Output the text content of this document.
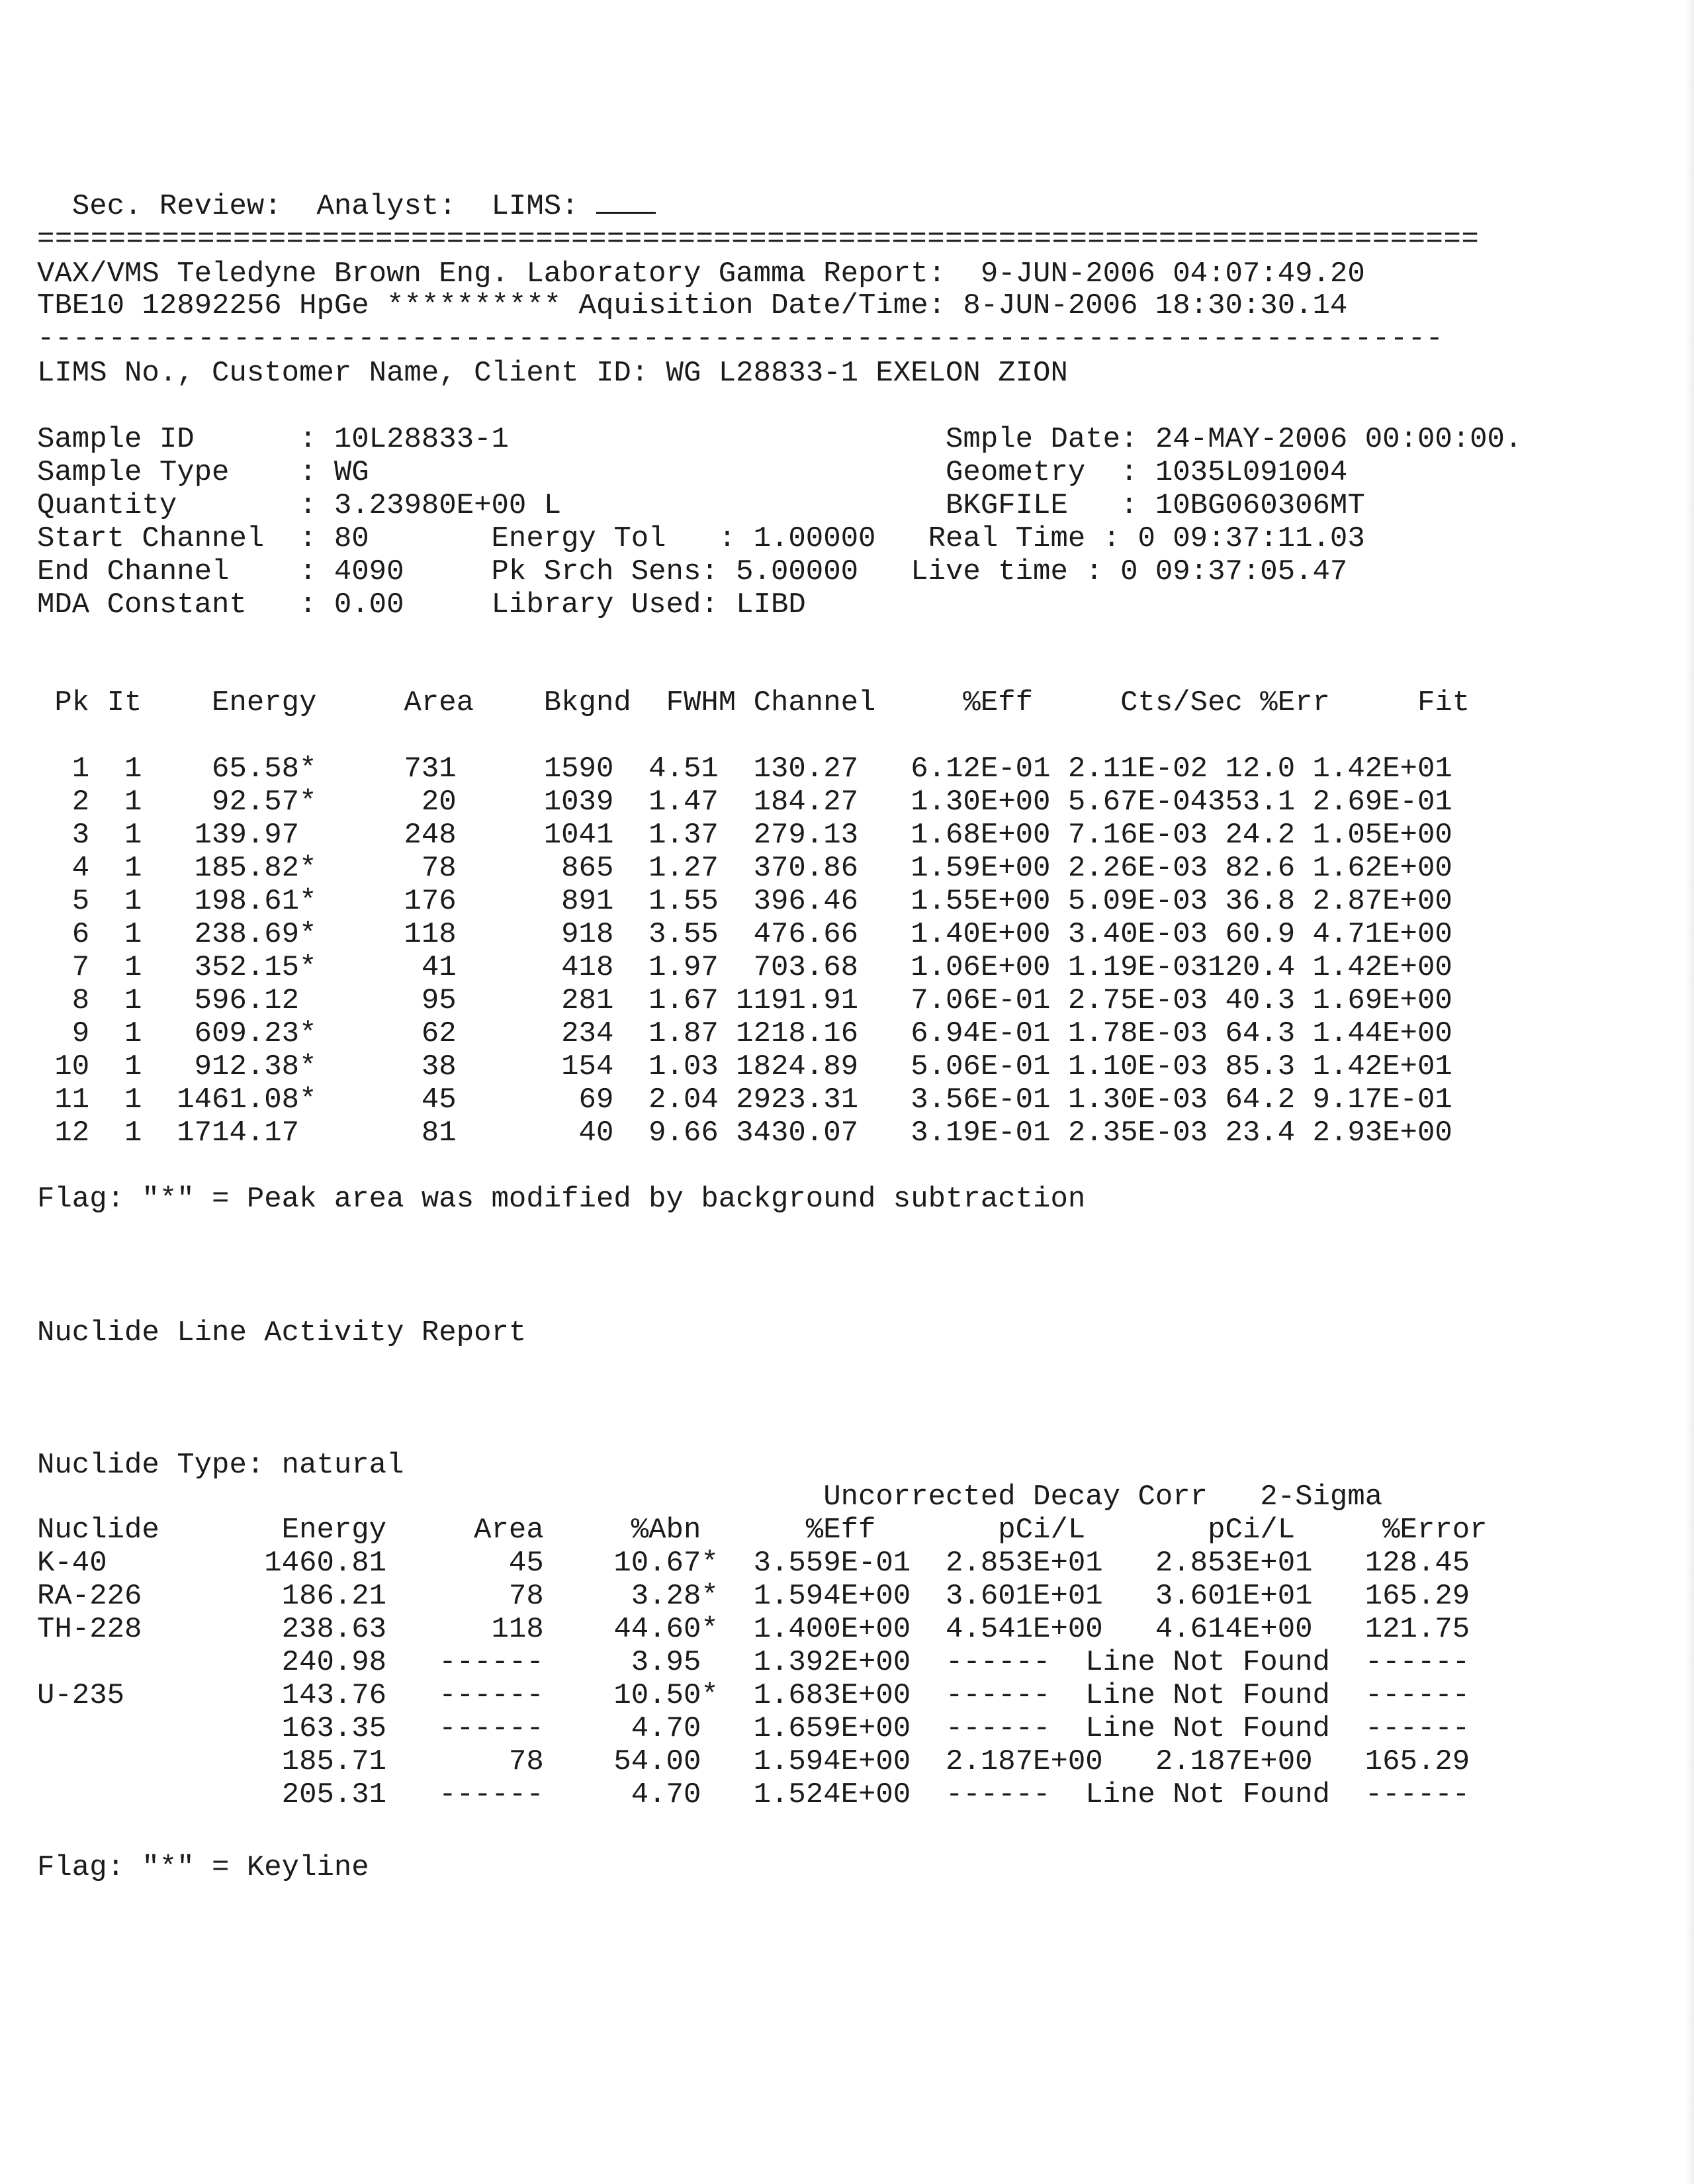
Sec. Review:  Analyst:  LIMS:

=================================================================================
VAX/VMS Teledyne Brown Eng. Laboratory Gamma Report:  9-JUN-2006 04:07:49.20
TBE10 12892256 HpGe ********** Aquisition Date/Time: 8-JUN-2006 18:30:30.14
-------------------------------------------------------------------------------
LIMS No., Customer Name, Client ID: WG L28833-1 EXELON ZION
Sample ID      : 10L28833-1                         Smple Date: 24-MAY-2006 00:00:00.
Sample Type    : WG                                 Geometry  : 1035L091004
Quantity       : 3.23980E+00 L                      BKGFILE   : 10BG060306MT
Start Channel  : 80       Energy Tol   : 1.00000   Real Time : 0 09:37:11.03
End Channel    : 4090     Pk Srch Sens: 5.00000   Live time : 0 09:37:05.47
MDA Constant   : 0.00     Library Used: LIBD
Pk It    Energy     Area    Bkgnd  FWHM Channel     %Eff     Cts/Sec %Err     Fit
1  1    65.58*     731     1590  4.51  130.27   6.12E-01 2.11E-02 12.0 1.42E+01
2  1    92.57*      20     1039  1.47  184.27   1.30E+00 5.67E-04353.1 2.69E-01
3  1   139.97      248     1041  1.37  279.13   1.68E+00 7.16E-03 24.2 1.05E+00
4  1   185.82*      78      865  1.27  370.86   1.59E+00 2.26E-03 82.6 1.62E+00
5  1   198.61*     176      891  1.55  396.46   1.55E+00 5.09E-03 36.8 2.87E+00
6  1   238.69*     118      918  3.55  476.66   1.40E+00 3.40E-03 60.9 4.71E+00
7  1   352.15*      41      418  1.97  703.68   1.06E+00 1.19E-03120.4 1.42E+00
8  1   596.12       95      281  1.67 1191.91   7.06E-01 2.75E-03 40.3 1.69E+00
9  1   609.23*      62      234  1.87 1218.16   6.94E-01 1.78E-03 64.3 1.44E+00
10  1   912.38*      38      154  1.03 1824.89   5.06E-01 1.10E-03 85.3 1.42E+01
11  1  1461.08*      45       69  2.04 2923.31   3.56E-01 1.30E-03 64.2 9.17E-01
12  1  1714.17       81       40  9.66 3430.07   3.19E-01 2.35E-03 23.4 2.93E+00
Flag: "*" = Peak area was modified by background subtraction
Nuclide Line Activity Report
Nuclide Type: natural
Uncorrected Decay Corr   2-Sigma
Nuclide       Energy     Area     %Abn      %Eff       pCi/L       pCi/L     %Error
K-40         1460.81       45    10.67*  3.559E-01  2.853E+01   2.853E+01   128.45
RA-226        186.21       78     3.28*  1.594E+00  3.601E+01   3.601E+01   165.29
TH-228        238.63      118    44.60*  1.400E+00  4.541E+00   4.614E+00   121.75
240.98   ------     3.95   1.392E+00  ------  Line Not Found  ------
U-235         143.76   ------    10.50*  1.683E+00  ------  Line Not Found  ------
163.35   ------     4.70   1.659E+00  ------  Line Not Found  ------
185.71       78    54.00   1.594E+00  2.187E+00   2.187E+00   165.29
205.31   ------     4.70   1.524E+00  ------  Line Not Found  ------
Flag: "*" = Keyline
